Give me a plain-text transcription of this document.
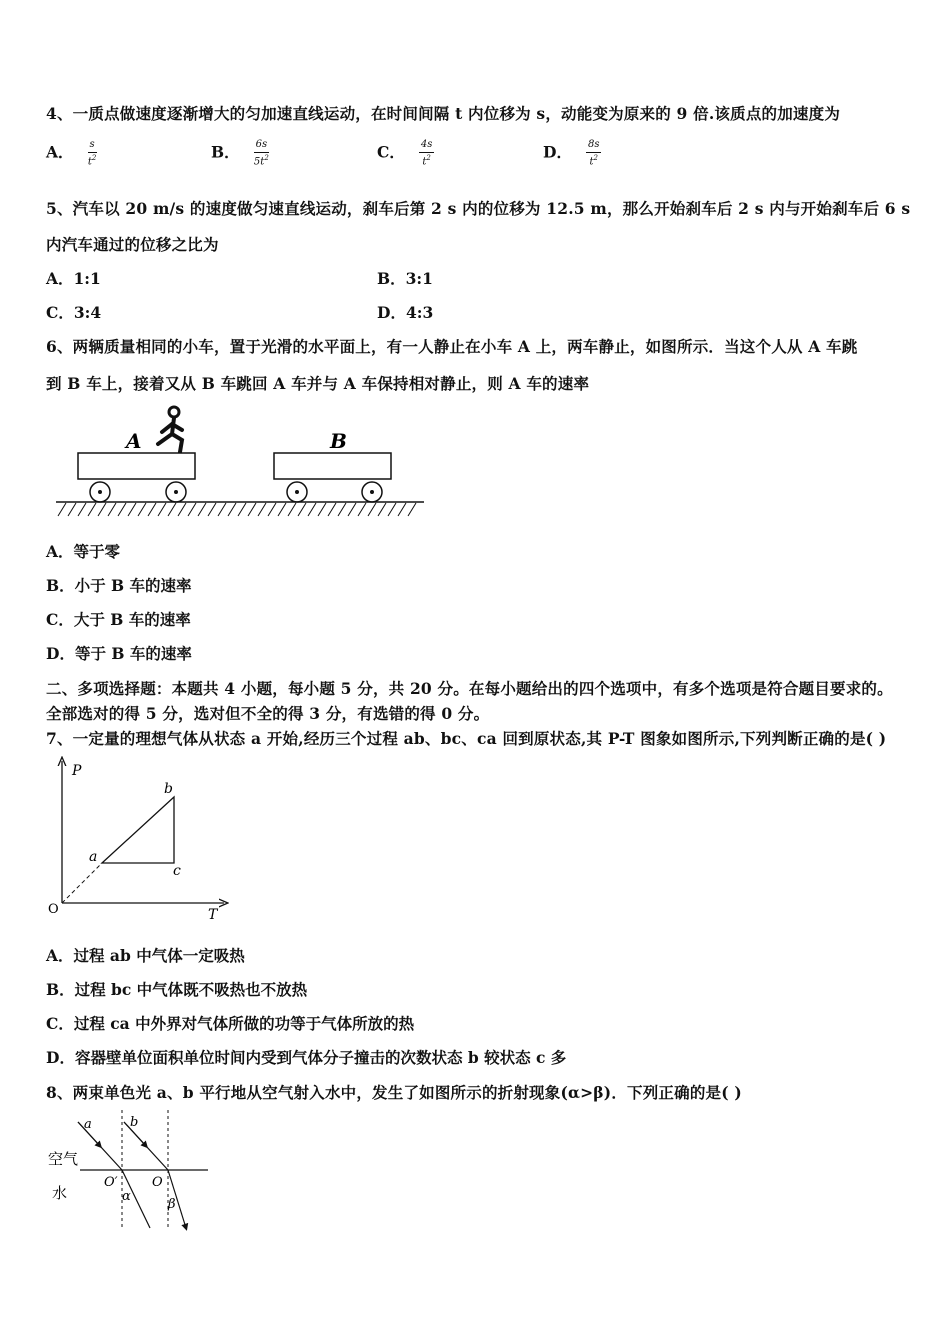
4、一质点做速度逐渐增大的匀加速直线运动，在时间间隔 t 内位移为 s，动能变为原来的 9 倍.该质点的加速度为
A． $\frac{s}{t^2}$	B． $\frac{6s}{5t^2}$	C． $\frac{4s}{t^2}$	D． $\frac{8s}{t^2}$
5、汽车以 20 m/s 的速度做匀速直线运动，刹车后第 2 s 内的位移为 12.5 m，那么开始刹车后 2 s 内与开始刹车后 6 s
内汽车通过的位移之比为
A．1:1	B．3:1
C．3:4	D．4:3
6、两辆质量相同的小车，置于光滑的水平面上，有一人静止在小车 A 上，两车静止，如图所示．当这个人从 A 车跳
到 B 车上，接着又从 B 车跳回 A 车并与 A 车保持相对静止，则 A 车的速率
A	B
A．等于零
B．小于 B 车的速率
C．大于 B 车的速率
D．等于 B 车的速率
二、多项选择题：本题共 4 小题，每小题 5 分，共 20 分。在每小题给出的四个选项中，有多个选项是符合题目要求的。
全部选对的得 5 分，选对但不全的得 3 分，有选错的得 0 分。
7、一定量的理想气体从状态 a 开始,经历三个过程 ab、bc、ca 回到原状态,其 P-T 图象如图所示,下列判断正确的是( )
P
T
O
a
b
c
A．过程 ab 中气体一定吸热
B．过程 bc 中气体既不吸热也不放热
C．过程 ca 中外界对气体所做的功等于气体所放的热
D．容器壁单位面积单位时间内受到气体分子撞击的次数状态 b 较状态 c 多
8、两束单色光 a、b 平行地从空气射入水中，发生了如图所示的折射现象(α>β)．下列正确的是( )
a	b
空气
水
O′	O
α
β
